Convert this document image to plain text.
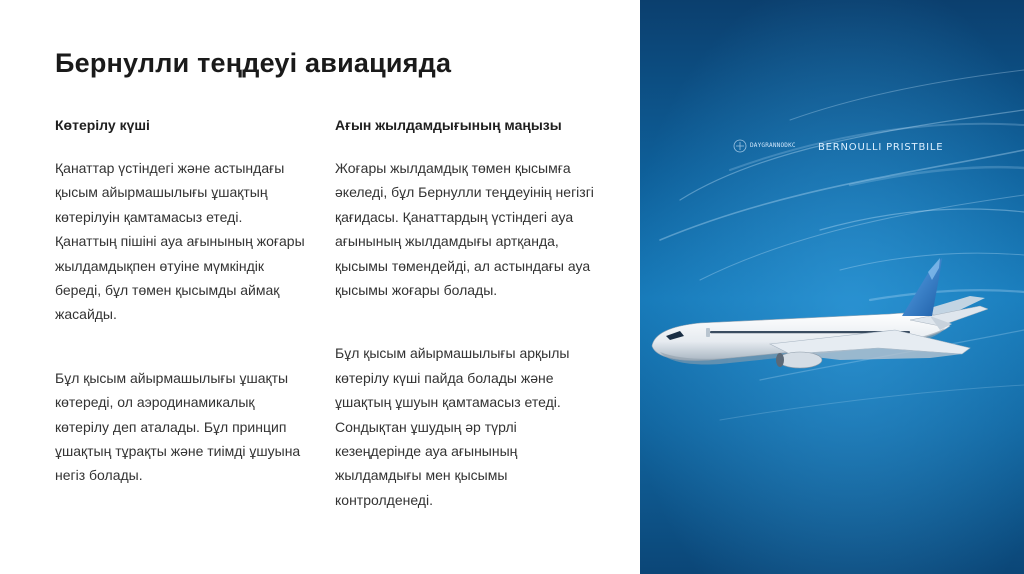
Бернулли теңдеуі авиацияда
Көтерілу күші

Қанаттар үстіндегі және астындағы қысым айырмашылығы ұшақтың көтерілуін қамтамасыз етеді. Қанаттың пішіні ауа ағынының жоғары жылдамдықпен өтуіне мүмкіндік береді, бұл төмен қысымды аймақ жасайды.

Бұл қысым айырмашылығы ұшақты көтереді, ол аэродинамикалық көтерілу деп аталады. Бұл принцип ұшақтың тұрақты және тиімді ұшуына негіз болады.

Ағын жылдамдығының маңызы

Жоғары жылдамдық төмен қысымға әкеледі, бұл Бернулли теңдеуінің негізгі қағидасы. Қанаттардың үстіндегі ауа ағынының жылдамдығы артқанда, қысымы төмендейді, ал астындағы ауа қысымы жоғары болады.

Бұл қысым айырмашылығы арқылы көтерілу күші пайда болады және ұшақтың ұшуын қамтамасыз етеді. Сондықтан ұшудың әр түрлі кезеңдерінде ауа ағынының жылдамдығы мен қысымы контролденеді.

DAYGRANNODKC BERNOULLI PRISTBILE
